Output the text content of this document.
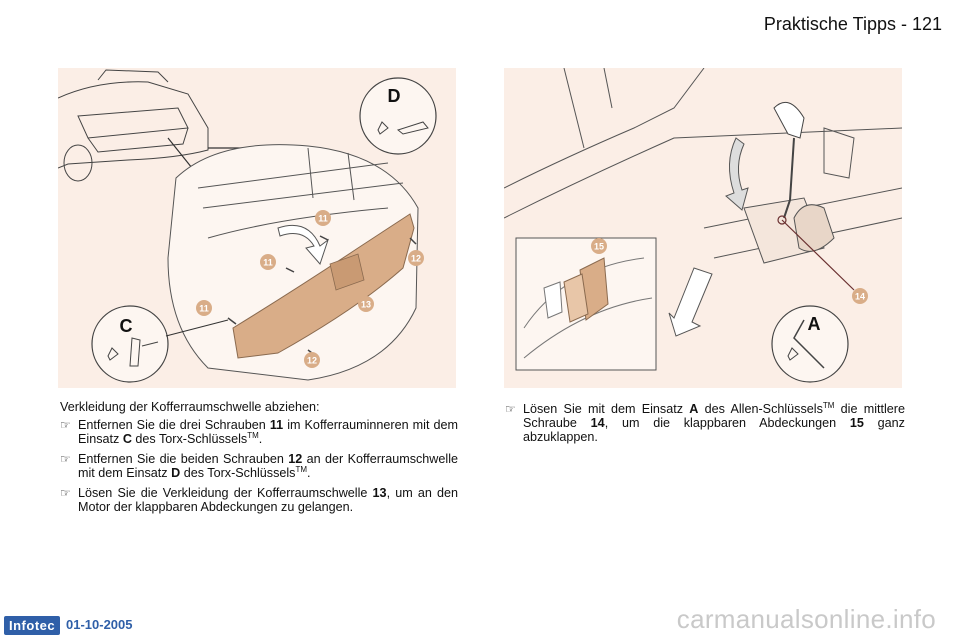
Praktische Tipps - 121
11
11
11
12
12
13
D
C
14
15
A
Verkleidung der Kofferraumschwelle abziehen:
☞ Entfernen Sie die drei Schrauben 11 im Kofferrauminneren mit dem Einsatz C des Torx-Schlüssels™.
☞ Entfernen Sie die beiden Schrauben 12 an der Kofferraumschwelle mit dem Einsatz D des Torx-Schlüssels™.
☞ Lösen Sie die Verkleidung der Kofferraumschwelle 13, um an den Motor der klappbaren Abdeckungen zu gelangen.
☞ Lösen Sie mit dem Einsatz A des Allen-Schlüssels™ die mittlere Schraube 14, um die klappbaren Abdeckungen 15 ganz abzuklappen.
Infotec 01-10-2005	carmanualsonline.info
